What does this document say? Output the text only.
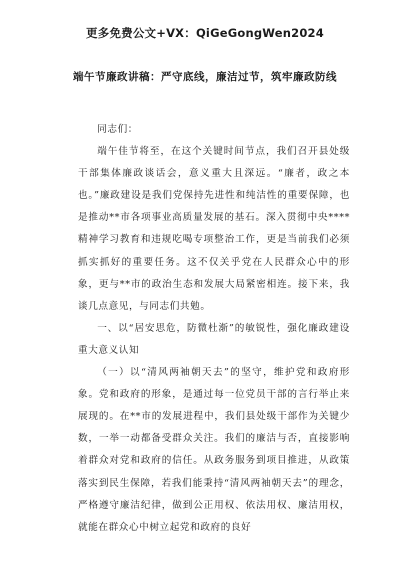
更多免费公文+VX：QiGeGongWen2024
端午节廉政讲稿：严守底线，廉洁过节，筑牢廉政防线

同志们：

端午佳节将至，在这个关键时间节点，我们召开县处级干部集体廉政谈话会，意义重大且深远。“廉者，政之本也。”廉政建设是我们党保持先进性和纯洁性的重要保障，也是推动**市各项事业高质量发展的基石。深入贯彻中央****精神学习教育和违规吃喝专项整治工作，更是当前我们必须抓实抓好的重要任务。这不仅关乎党在人民群众心中的形象，更与**市的政治生态和发展大局紧密相连。接下来，我谈几点意见，与同志们共勉。

一、以“居安思危，防微杜渐”的敏锐性，强化廉政建设重大意义认知

（一）以“清风两袖朝天去”的坚守，维护党和政府形象。党和政府的形象，是通过每一位党员干部的言行举止来展现的。在**市的发展进程中，我们县处级干部作为关键少数，一举一动都备受群众关注。我们的廉洁与否，直接影响着群众对党和政府的信任。从政务服务到项目推进，从政策落实到民生保障，若我们能秉持“清风两袖朝天去”的理念，严格遵守廉洁纪律，做到公正用权、依法用权、廉洁用权，就能在群众心中树立起党和政府的良好
